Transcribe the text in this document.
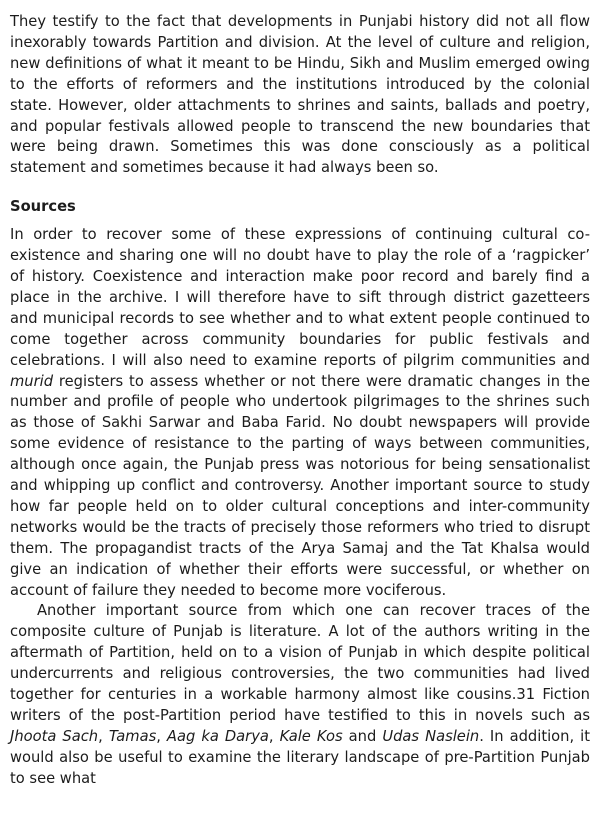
They testify to the fact that developments in Punjabi history did not all flow inexorably towards Partition and division. At the level of culture and religion, new definitions of what it meant to be Hindu, Sikh and Muslim emerged owing to the efforts of reformers and the institutions introduced by the colonial state. However, older attachments to shrines and saints, ballads and poetry, and popular festivals allowed people to transcend the new boundaries that were being drawn. Sometimes this was done consciously as a political statement and sometimes because it had always been so.

Sources

In order to recover some of these expressions of continuing cultural co-existence and sharing one will no doubt have to play the role of a ‘ragpicker’ of history. Coexistence and interaction make poor record and barely find a place in the archive. I will therefore have to sift through district gazetteers and municipal records to see whether and to what extent people continued to come together across community boundaries for public festivals and celebrations. I will also need to examine reports of pilgrim communities and murid registers to assess whether or not there were dramatic changes in the number and profile of people who undertook pilgrimages to the shrines such as those of Sakhi Sarwar and Baba Farid. No doubt newspapers will provide some evidence of resistance to the parting of ways between communities, although once again, the Punjab press was notorious for being sensationalist and whipping up conflict and controversy. Another important source to study how far people held on to older cultural conceptions and inter-community networks would be the tracts of precisely those reformers who tried to disrupt them. The propagandist tracts of the Arya Samaj and the Tat Khalsa would give an indication of whether their efforts were successful, or whether on account of failure they needed to become more vociferous.

Another important source from which one can recover traces of the composite culture of Punjab is literature. A lot of the authors writing in the aftermath of Partition, held on to a vision of Punjab in which despite political undercurrents and religious controversies, the two communities had lived together for centuries in a workable harmony almost like cousins.31 Fiction writers of the post-Partition period have testified to this in novels such as Jhoota Sach, Tamas, Aag ka Darya, Kale Kos and Udas Naslein. In addition, it would also be useful to examine the literary landscape of pre-Partition Punjab to see what
